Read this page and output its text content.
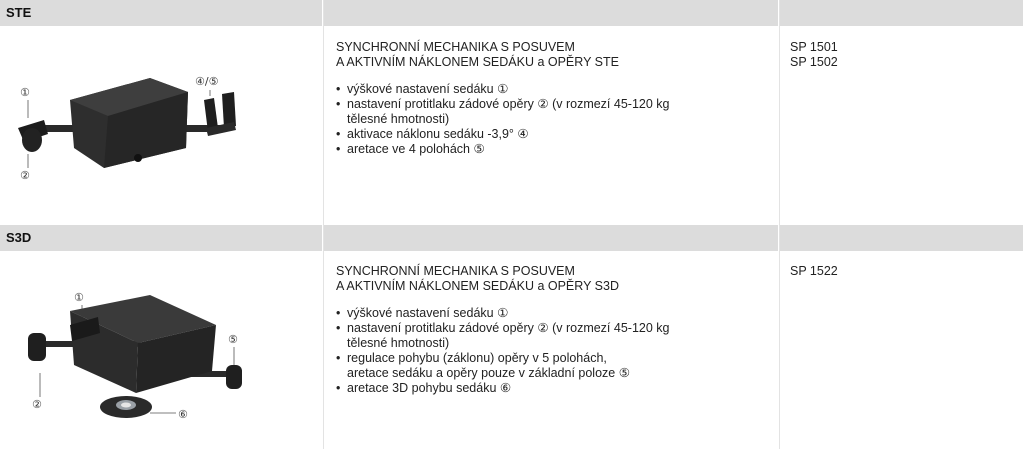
STE
①
②
④/⑤
SYNCHRONNÍ MECHANIKA S POSUVEM
A AKTIVNÍM NÁKLONEM SEDÁKU a OPĚRY STE
• výškové nastavení sedáku ①
• nastavení protitlaku zádové opěry ② (v rozmezí 45-120 kg
tělesné hmotnosti)
• aktivace náklonu sedáku -3,9° ④
• aretace ve 4 polohách ⑤
SP 1501
SP 1502
S3D
①
②
⑤
⑥
SYNCHRONNÍ MECHANIKA S POSUVEM
A AKTIVNÍM NÁKLONEM SEDÁKU a OPĚRY S3D
• výškové nastavení sedáku ①
• nastavení protitlaku zádové opěry ② (v rozmezí 45-120 kg
tělesné hmotnosti)
• regulace pohybu (záklonu) opěry v 5 polohách,
aretace sedáku a opěry pouze v základní poloze ⑤
• aretace 3D pohybu sedáku ⑥
SP 1522
